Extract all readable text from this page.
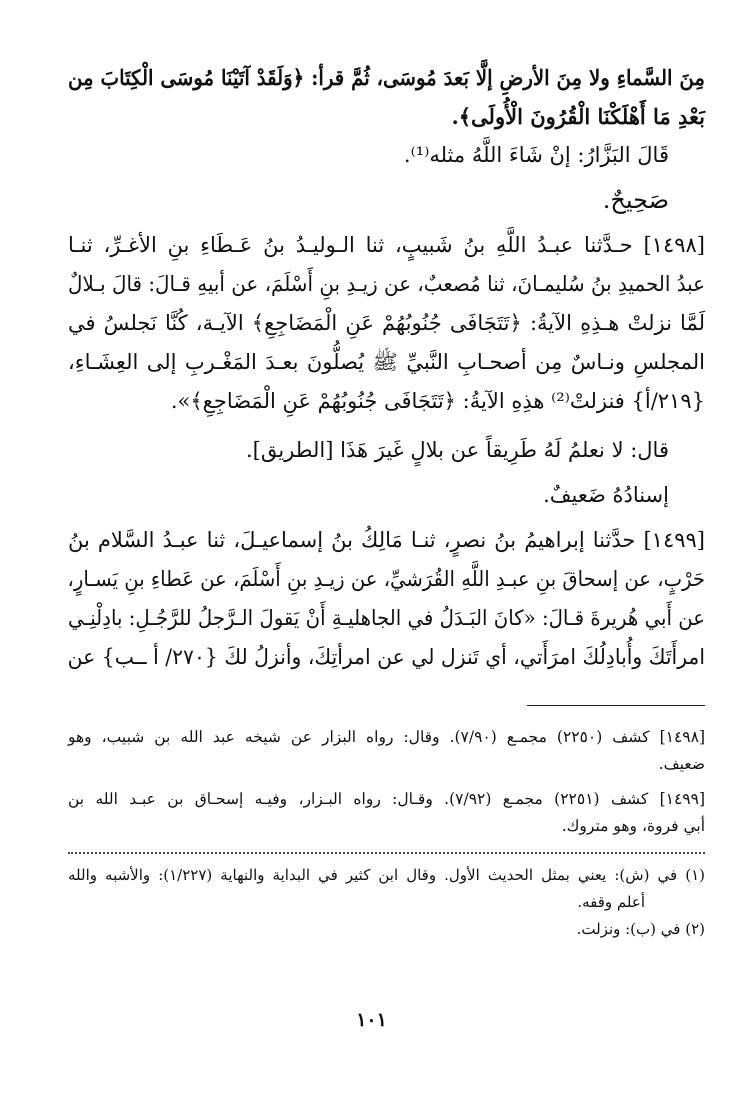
مِنَ السَّماءِ ولا مِنَ الأرضِ إلَّا بَعدَ مُوسَى، ثُمَّ قرأ: ﴿وَلَقَدْ آتَيْنَا مُوسَى الْكِتَابَ مِن
بَعْدِ مَا أَهْلَكْنَا الْقُرُونَ الْأُولَى﴾.
قَالَ البَزَّارُ: إنْ شَاءَ اللَّهُ مثله⁽¹⁾.
صَحِيحٌ.
[١٤٩٨] حـدَّثنا عبـدُ اللَّهِ بنُ شَبيبٍ، ثنا الـوليـدُ بنُ عَـطَاءِ بنِ الأغـرِّ، ثنـا
عبدُ الحميدِ بنُ سُليمـانَ، ثنا مُصعبٌ، عن زيـدِ بنِ أَسْلَمَ، عن أبيهِ قـالَ: قالَ بـلالٌ
لَمَّا نزلتْ هـذِهِ الآيةُ: ﴿تَتَجَافَى جُنُوبُهُمْ عَنِ الْمَضَاجِعِ﴾ الآيـة، كُنَّا نَجلسُ في
المجلسِ ونـاسٌ مِن أصحـابِ النَّبيِّ ﷺ يُصلُّونَ بعـدَ المَغْـربِ إلى العِشَـاءِ،
{٢١٩/أ} فنزلتْ⁽²⁾ هذِهِ الآيةُ: ﴿تَتَجَافَى جُنُوبُهُمْ عَنِ الْمَضَاجِعِ﴾».
قال: لا نعلمُ لَهُ طَرِيقاً عن بلالٍ غَيرَ هَذَا [الطريق].
إسنادُهُ ضَعيفٌ.
[١٤٩٩] حدَّثنا إبراهيمُ بنُ نصرٍ، ثنـا مَالِكُ بنُ إسماعيـلَ، ثنا عبـدُ السَّلام بنُ
حَرْبٍ، عن إسحاقَ بنِ عبـدِ اللَّهِ القُرَشيِّ، عن زيـدِ بنِ أَسْلَمَ، عن عَطاءِ بنِ يَسـارٍ،
عن أَبي هُريرةَ قـالَ: «كانَ البَـدَلُ في الجاهليـةِ أَنْ يَقولَ الـرَّجلُ للرَّجُـلِ: بادِلْنِـي
امرأَتَكَ وأُبادِلُكَ امرَأَتي، أي تَنزل لي عن امرأتِكَ، وأنزلُ لكَ {٢٧٠/ أ ــب} عن
[١٤٩٨] كشف (٢٢٥٠) مجمـع (٧/٩٠). وقال: رواه البزار عن شيخه عبد الله بن شبيب، وهو
ضعيف.
[١٤٩٩] كشف (٢٢٥١) مجمـع (٧/٩٢). وقـال: رواه البـزار، وفيـه إسحـاق بن عبـد الله بن
أبي فروة، وهو متروك.
(١) في (ش): يعني بمثل الحديث الأول. وقال ابن كثير في البداية والنهاية (١/٢٢٧): والأشبه والله
أعلم وقفه.
(٢) في (ب): ونزلت.
١٠١
